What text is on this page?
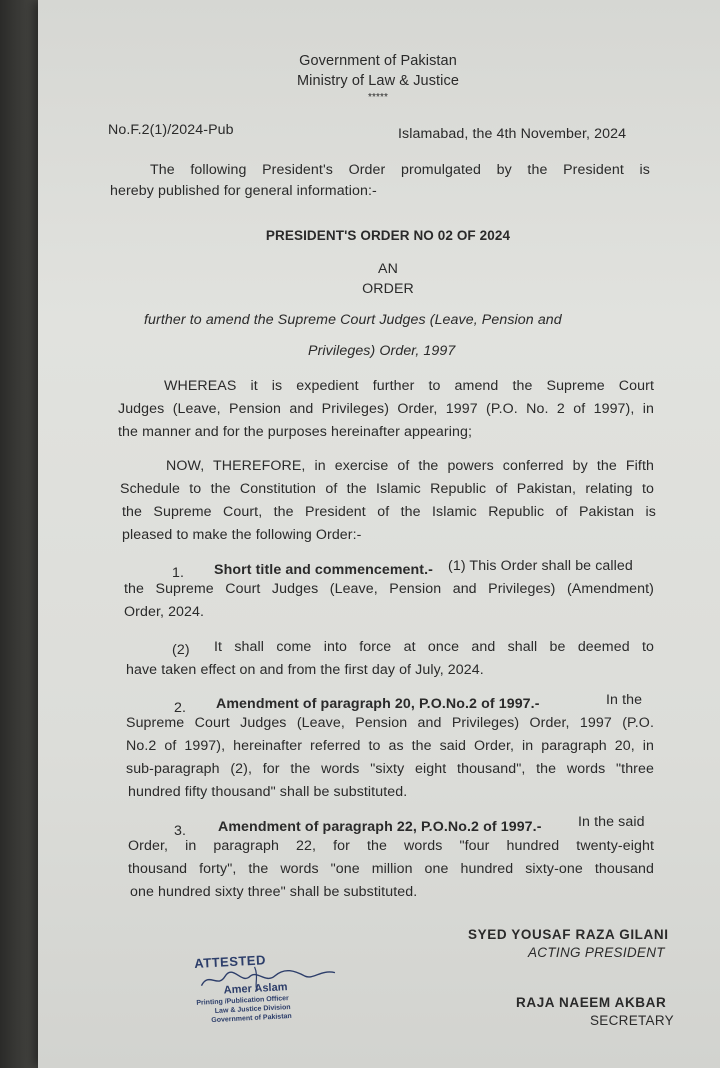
Government of Pakistan
Ministry of Law & Justice
*****
No.F.2(1)/2024-Pub	Islamabad, the 4th November, 2024
The following President's Order promulgated by the President is
hereby published for general information:-
PRESIDENT'S ORDER NO 02 OF 2024
AN
ORDER
further to amend the Supreme Court Judges (Leave, Pension and
Privileges) Order, 1997
WHEREAS it is expedient further to amend the Supreme Court
Judges (Leave, Pension and Privileges) Order, 1997 (P.O. No. 2 of 1997), in
the manner and for the purposes hereinafter appearing;
NOW, THEREFORE, in exercise of the powers conferred by the Fifth
Schedule to the Constitution of the Islamic Republic of Pakistan, relating to
the Supreme Court, the President of the Islamic Republic of Pakistan is
pleased to make the following Order:-
1. Short title and commencement.- (1) This Order shall be called
the Supreme Court Judges (Leave, Pension and Privileges) (Amendment)
Order, 2024.
(2) It shall come into force at once and shall be deemed to
have taken effect on and from the first day of July, 2024.
2. Amendment of paragraph 20, P.O.No.2 of 1997.-	In the
Supreme Court Judges (Leave, Pension and Privileges) Order, 1997 (P.O.
No.2 of 1997), hereinafter referred to as the said Order, in paragraph 20, in
sub-paragraph (2), for the words "sixty eight thousand", the words "three
hundred fifty thousand" shall be substituted.
3. Amendment of paragraph 22, P.O.No.2 of 1997.-	In the said
Order, in paragraph 22, for the words "four hundred twenty-eight
thousand forty", the words "one million one hundred sixty-one thousand
one hundred sixty three" shall be substituted.
SYED YOUSAF RAZA GILANI
ACTING PRESIDENT
RAJA NAEEM AKBAR
SECRETARY
ATTESTED
Amer Aslam
Printing /Publication Officer
Law & Justice Division
Government of Pakistan
